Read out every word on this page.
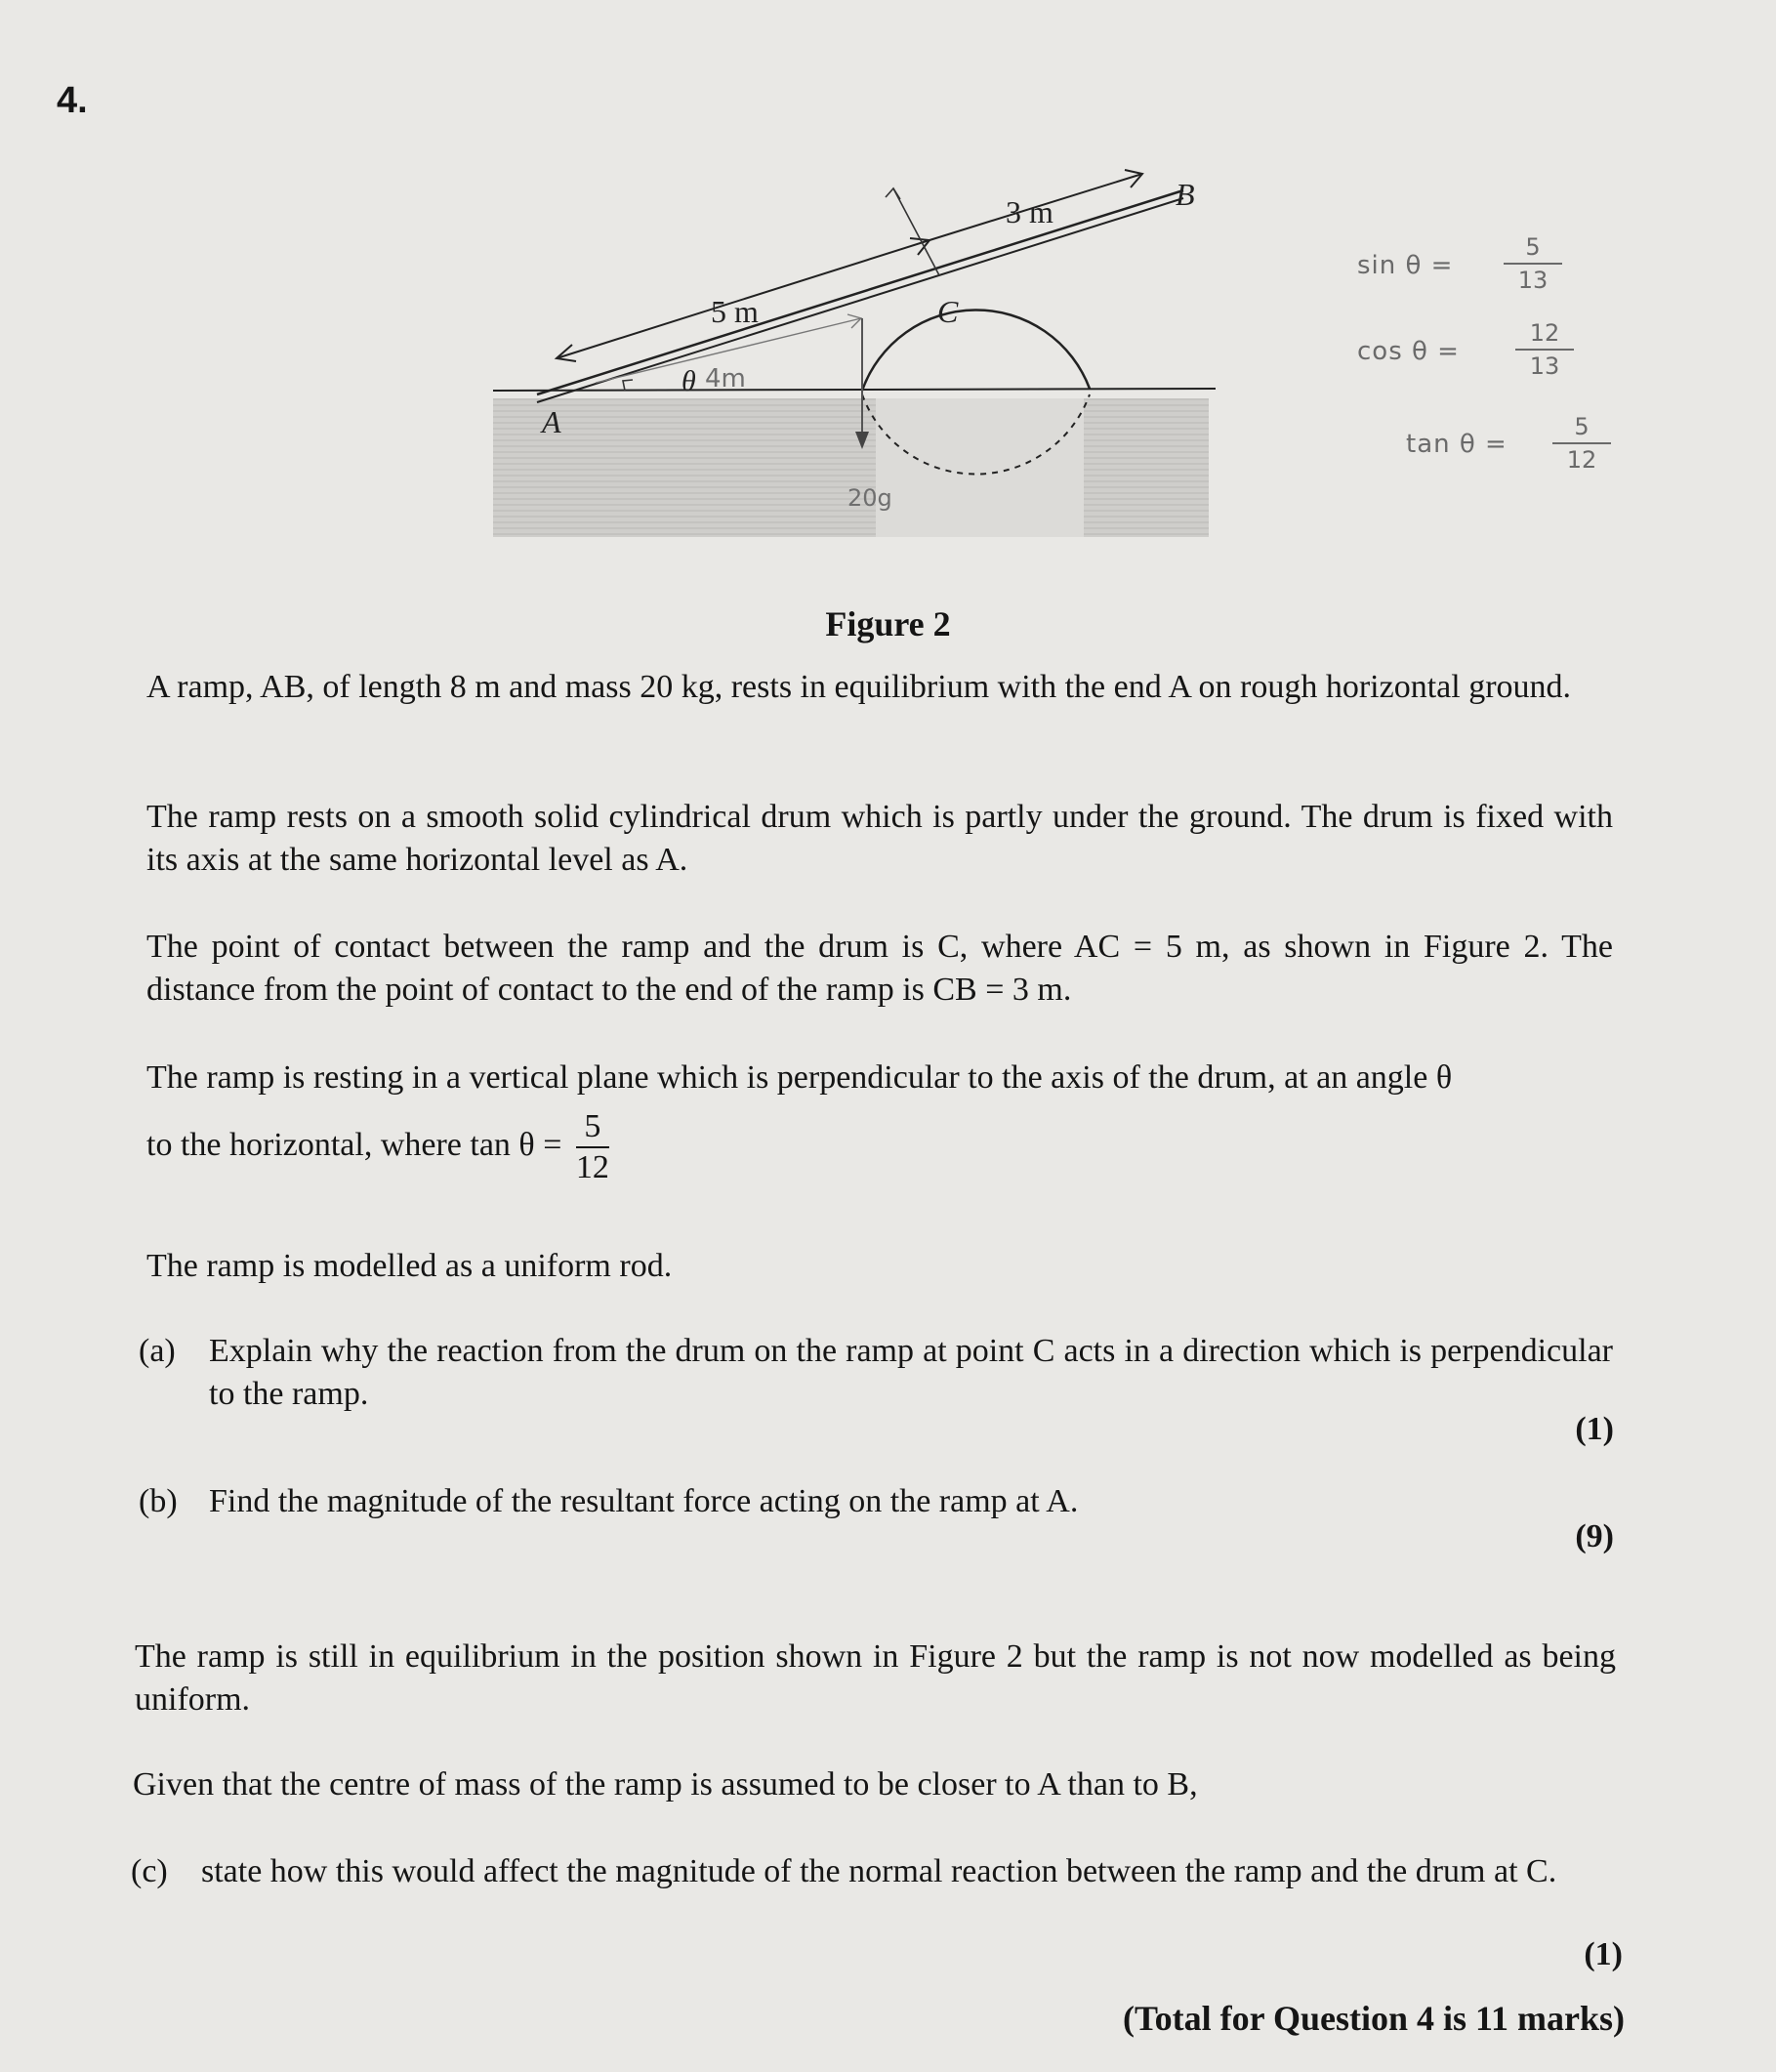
4.
A
B
C
5 m
3 m
θ 4m
20g
$\sin \theta = \frac{5}{13}$
$\cos \theta = \frac{12}{13}$
$\tan \theta = \frac{5}{12}$
Figure 2

A ramp, AB, of length 8 m and mass 20 kg, rests in equilibrium with the end A on rough horizontal ground.

The ramp rests on a smooth solid cylindrical drum which is partly under the ground. The drum is fixed with its axis at the same horizontal level as A.

The point of contact between the ramp and the drum is C, where AC = 5 m, as shown in Figure 2. The distance from the point of contact to the end of the ramp is CB = 3 m.

The ramp is resting in a vertical plane which is perpendicular to the axis of the drum, at an angle θ

to the horizontal, where $\tan \theta = \frac{5}{12}$

The ramp is modelled as a uniform rod.

(a) Explain why the reaction from the drum on the ramp at point C acts in a direction which is perpendicular to the ramp.
(1)
(b) Find the magnitude of the resultant force acting on the ramp at A.
(9)

The ramp is still in equilibrium in the position shown in Figure 2 but the ramp is not now modelled as being uniform.

Given that the centre of mass of the ramp is assumed to be closer to A than to B,

(c) state how this would affect the magnitude of the normal reaction between the ramp and the drum at C.
(1)
(Total for Question 4 is 11 marks)
